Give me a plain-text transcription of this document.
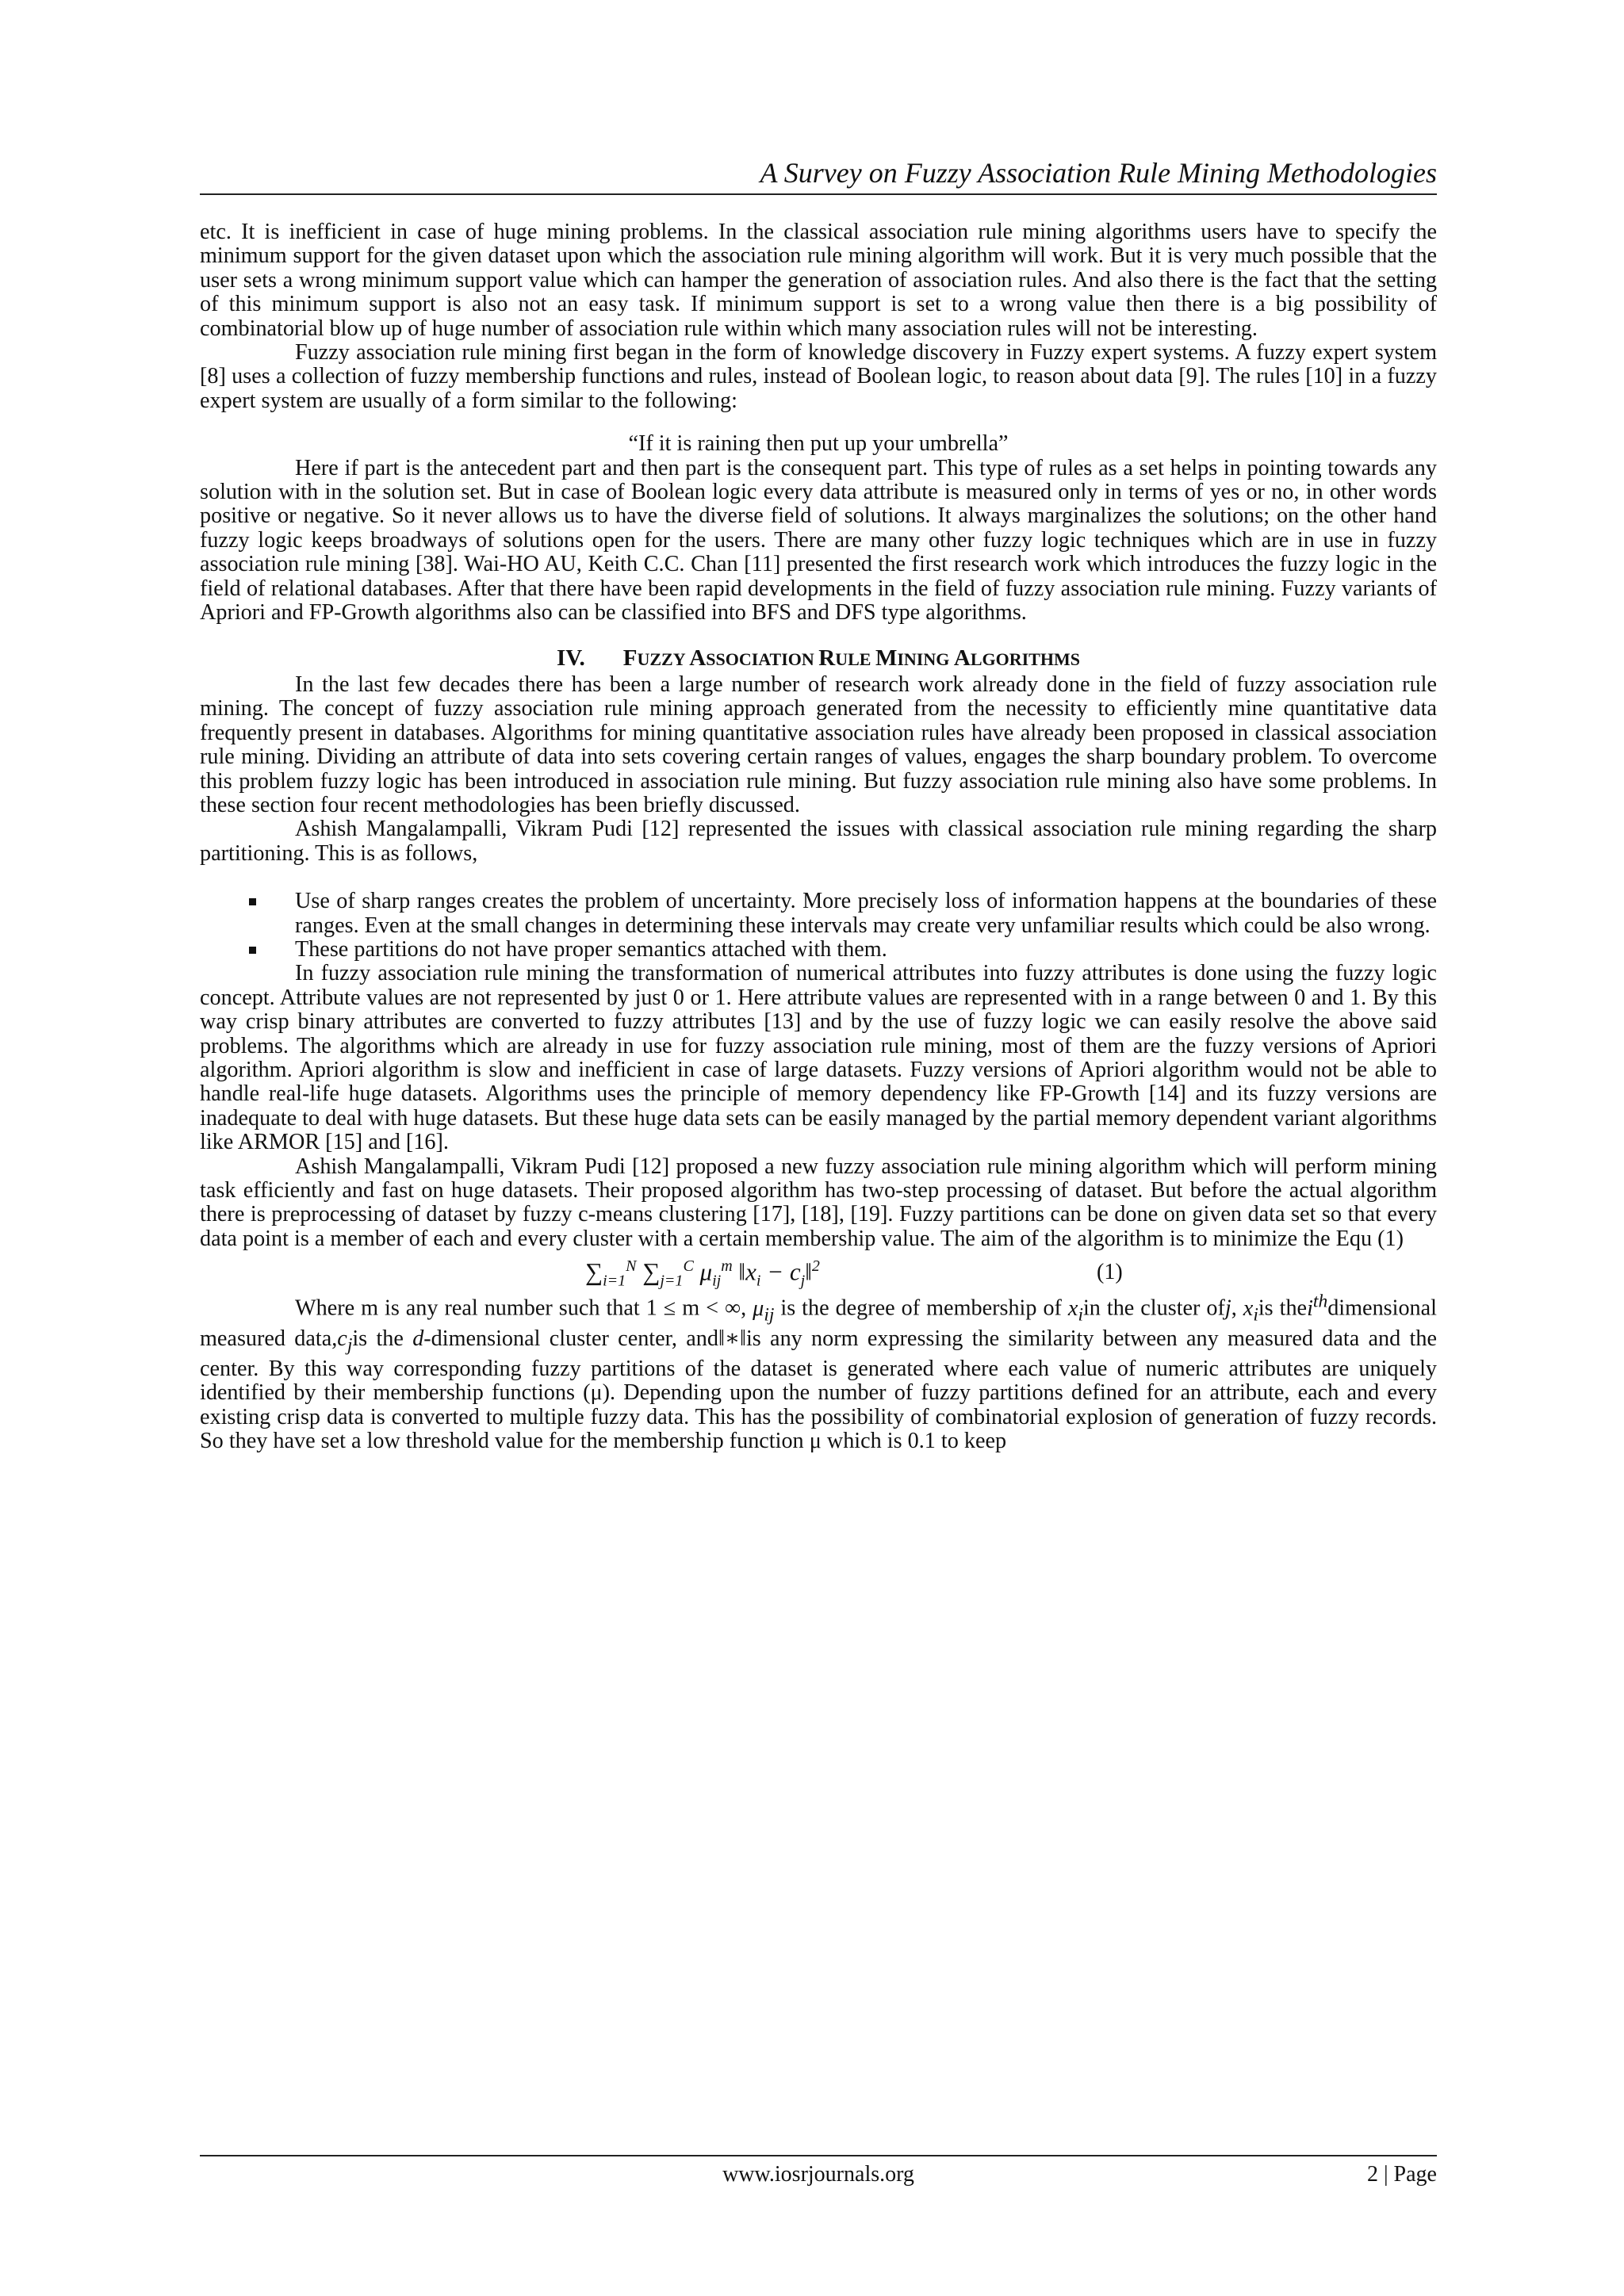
A Survey on Fuzzy Association Rule Mining Methodologies

etc. It is inefficient in case of huge mining problems. In the classical association rule mining algorithms users have to specify the minimum support for the given dataset upon which the association rule mining algorithm will work. But it is very much possible that the user sets a wrong minimum support value which can hamper the generation of association rules. And also there is the fact that the setting of this minimum support is also not an easy task. If minimum support is set to a wrong value then there is a big possibility of combinatorial blow up of huge number of association rule within which many association rules will not be interesting.

Fuzzy association rule mining first began in the form of knowledge discovery in Fuzzy expert systems. A fuzzy expert system [8] uses a collection of fuzzy membership functions and rules, instead of Boolean logic, to reason about data [9]. The rules [10] in a fuzzy expert system are usually of a form similar to the following:

“If it is raining then put up your umbrella”

Here if part is the antecedent part and then part is the consequent part. This type of rules as a set helps in pointing towards any solution with in the solution set. But in case of Boolean logic every data attribute is measured only in terms of yes or no, in other words positive or negative. So it never allows us to have the diverse field of solutions. It always marginalizes the solutions; on the other hand fuzzy logic keeps broadways of solutions open for the users. There are many other fuzzy logic techniques which are in use in fuzzy association rule mining [38]. Wai-HO AU, Keith C.C. Chan [11] presented the first research work which introduces the fuzzy logic in the field of relational databases. After that there have been rapid developments in the field of fuzzy association rule mining. Fuzzy variants of Apriori and FP-Growth algorithms also can be classified into BFS and DFS type algorithms.

IV. FUZZY ASSOCIATION RULE MINING ALGORITHMS

In the last few decades there has been a large number of research work already done in the field of fuzzy association rule mining. The concept of fuzzy association rule mining approach generated from the necessity to efficiently mine quantitative data frequently present in databases. Algorithms for mining quantitative association rules have already been proposed in classical association rule mining. Dividing an attribute of data into sets covering certain ranges of values, engages the sharp boundary problem. To overcome this problem fuzzy logic has been introduced in association rule mining. But fuzzy association rule mining also have some problems. In these section four recent methodologies has been briefly discussed.

Ashish Mangalampalli, Vikram Pudi [12] represented the issues with classical association rule mining regarding the sharp partitioning. This is as follows,

Use of sharp ranges creates the problem of uncertainty. More precisely loss of information happens at the boundaries of these ranges. Even at the small changes in determining these intervals may create very unfamiliar results which could be also wrong.
These partitions do not have proper semantics attached with them.

In fuzzy association rule mining the transformation of numerical attributes into fuzzy attributes is done using the fuzzy logic concept. Attribute values are not represented by just 0 or 1. Here attribute values are represented with in a range between 0 and 1. By this way crisp binary attributes are converted to fuzzy attributes [13] and by the use of fuzzy logic we can easily resolve the above said problems. The algorithms which are already in use for fuzzy association rule mining, most of them are the fuzzy versions of Apriori algorithm. Apriori algorithm is slow and inefficient in case of large datasets. Fuzzy versions of Apriori algorithm would not be able to handle real-life huge datasets. Algorithms uses the principle of memory dependency like FP-Growth [14] and its fuzzy versions are inadequate to deal with huge datasets. But these huge data sets can be easily managed by the partial memory dependent variant algorithms like ARMOR [15] and [16].

Ashish Mangalampalli, Vikram Pudi [12] proposed a new fuzzy association rule mining algorithm which will perform mining task efficiently and fast on huge datasets. Their proposed algorithm has two-step processing of dataset. But before the actual algorithm there is preprocessing of dataset by fuzzy c-means clustering [17], [18], [19]. Fuzzy partitions can be done on given data set so that every data point is a member of each and every cluster with a certain membership value. The aim of the algorithm is to minimize the Equ (1)

$\sum_{i=1}^N$ $\sum_{j=1}^C$ $\mu_{ij}^m$ $‖x_i$ − $c_j‖^2$	(1)

Where m is any real number such that 1 ≤ m < ∞, $\mu_{ij}$ is the degree of membership of $x_iin$ the cluster ofj, $x_iis$ thei$^{th}$dimensional measured $data,c_jis$ the d-dimensional cluster center, and‖∗‖is any norm expressing the similarity between any measured data and the center. By this way corresponding fuzzy partitions of the dataset is generated where each value of numeric attributes are uniquely identified by their membership functions (μ). Depending upon the number of fuzzy partitions defined for an attribute, each and every existing crisp data is converted to multiple fuzzy data. This has the possibility of combinatorial explosion of generation of fuzzy records. So they have set a low threshold value for the membership function μ which is 0.1 to keep

www.iosrjournals.org	2 | Page
